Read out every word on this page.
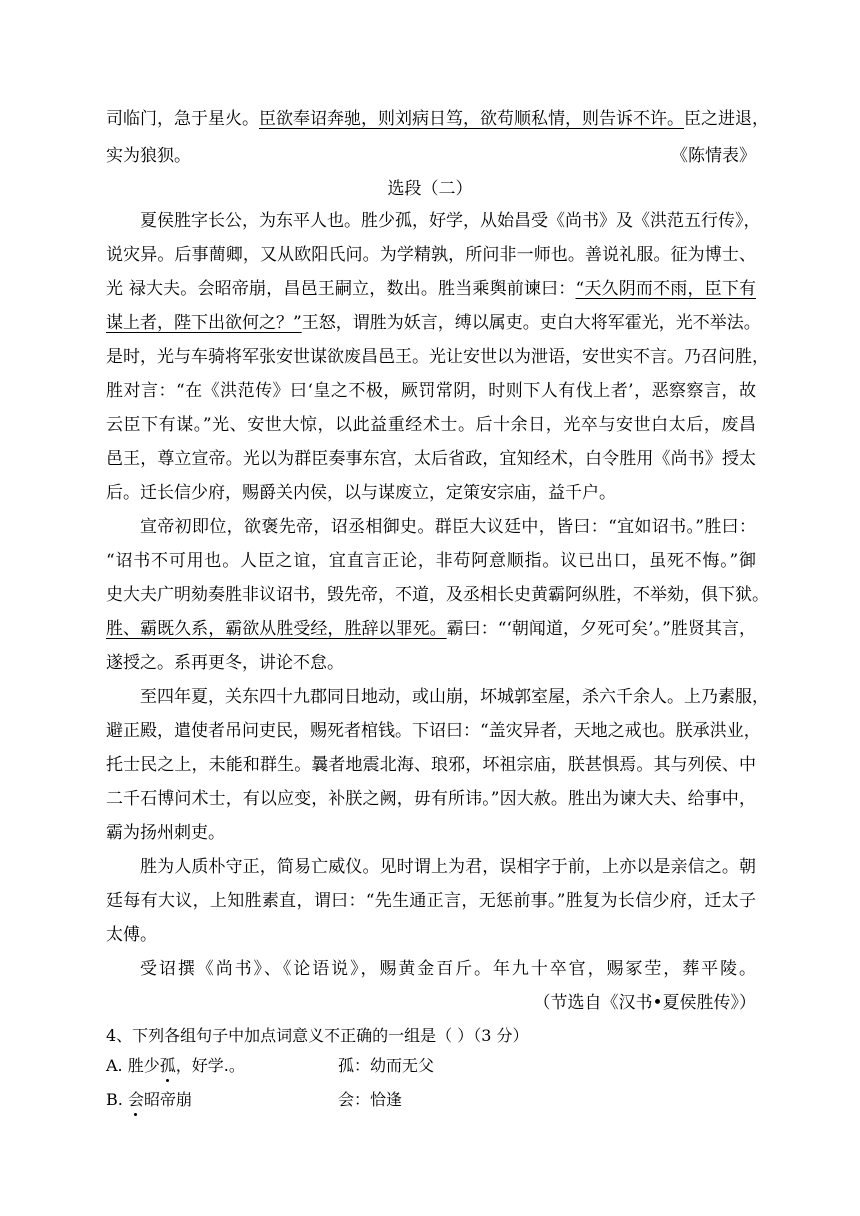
司临门，急于星火。臣欲奉诏奔驰，则刘病日笃，欲苟顺私情，则告诉不许。臣之进退，
实为狼狈。	《陈情表》
选段（二）
夏侯胜字长公，为东平人也。胜少孤，好学，从始昌受《尚书》及《洪范五行传》，
说灾异。后事蕳卿，又从欧阳氏问。为学精孰，所问非一师也。善说礼服。征为博士、
光 禄大夫。会昭帝崩，昌邑王嗣立，数出。胜当乘舆前谏曰：“天久阴而不雨，臣下有
谋上者，陛下出欲何之？”王怒，谓胜为妖言，缚以属吏。吏白大将军霍光，光不举法。
是时，光与车骑将军张安世谋欲废昌邑王。光让安世以为泄语，安世实不言。乃召问胜，
胜对言：“在《洪范传》曰‘皇之不极，厥罚常阴，时则下人有伐上者’，恶察察言，故
云臣下有谋。”光、安世大惊，以此益重经术士。后十余日，光卒与安世白太后，废昌
邑王，尊立宣帝。光以为群臣奏事东宫，太后省政，宜知经术，白令胜用《尚书》授太
后。迁长信少府，赐爵关内侯，以与谋废立，定策安宗庙，益千户。
宣帝初即位，欲褒先帝，诏丞相御史。群臣大议廷中，皆曰：“宜如诏书。”胜曰：
“诏书不可用也。人臣之谊，宜直言正论，非苟阿意顺指。议已出口，虽死不悔。”御
史大夫广明劾奏胜非议诏书，毁先帝，不道，及丞相长史黄霸阿纵胜，不举劾，俱下狱。
胜、霸既久系，霸欲从胜受经，胜辞以罪死。霸曰：“‘朝闻道，夕死可矣’。”胜贤其言，
遂授之。系再更冬，讲论不怠。
至四年夏，关东四十九郡同日地动，或山崩，坏城郭室屋，杀六千余人。上乃素服，
避正殿，遣使者吊问吏民，赐死者棺钱。下诏曰：“盖灾异者，天地之戒也。朕承洪业，
托士民之上，未能和群生。曩者地震北海、琅邪，坏祖宗庙，朕甚惧焉。其与列侯、中
二千石博问术士，有以应变，补朕之阙，毋有所讳。”因大赦。胜出为谏大夫、给事中，
霸为扬州刺吏。
胜为人质朴守正，简易亡威仪。见时谓上为君，误相字于前，上亦以是亲信之。朝
廷每有大议，上知胜素直，谓曰：“先生通正言，无惩前事。”胜复为长信少府，迁太子
太傅。
受诏撰《尚书》、《论语说》，赐黄金百斤。年九十卒官，赐冢茔，葬平陵。
（节选自《汉书•夏侯胜传》）
4、下列各组句子中加点词意义不正确的一组是（ ）（3 分）
A. 胜少孤，好学.。	孤：幼而无父
B. 会昭帝崩	会：恰逢
